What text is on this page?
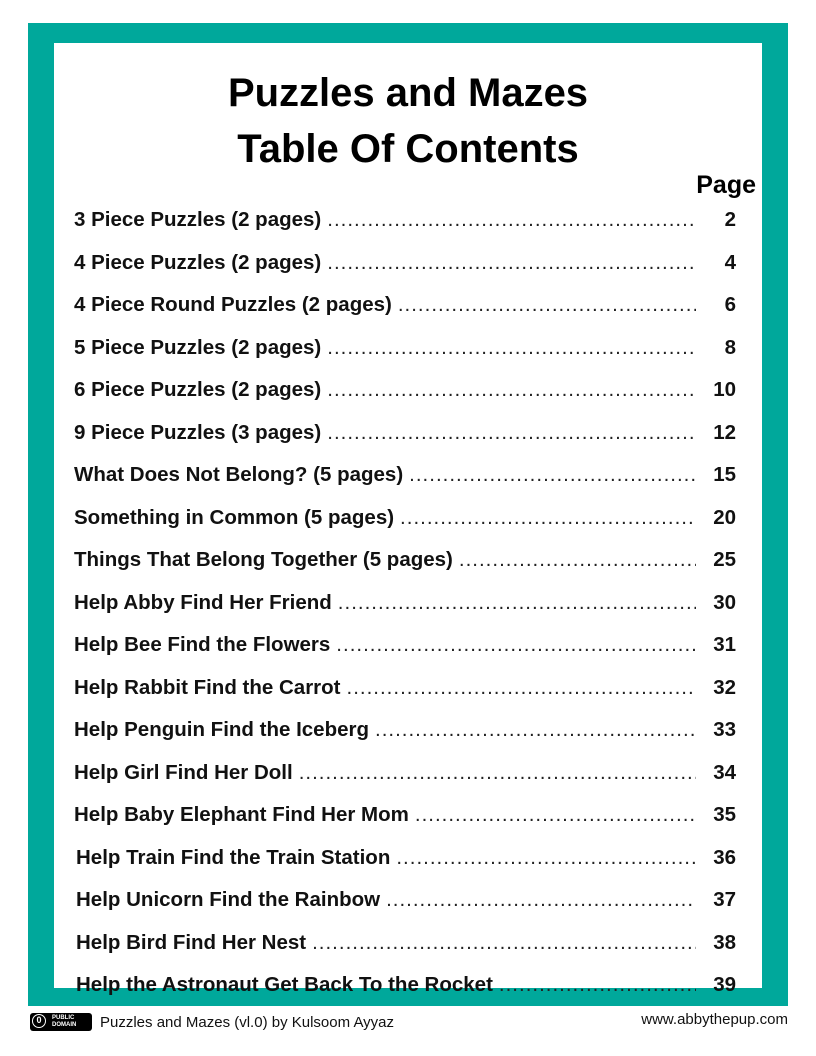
Puzzles and Mazes
Table Of Contents
Page
3 Piece Puzzles (2 pages) .....	2
4 Piece Puzzles (2 pages) .....	4
4 Piece Round Puzzles (2 pages) .....	6
5 Piece Puzzles (2 pages) .....	8
6 Piece Puzzles (2 pages) .....	10
9 Piece Puzzles (3 pages) .....	12
What Does Not Belong? (5 pages) .....	15
Something in Common (5 pages) .....	20
Things That Belong Together (5 pages) .....	25
Help Abby Find Her Friend .....	30
Help Bee Find the Flowers .....	31
Help Rabbit Find the Carrot .....	32
Help Penguin Find the Iceberg .....	33
Help Girl Find Her Doll .....	34
Help Baby Elephant Find Her Mom .....	35
Help Train Find the Train Station .....	36
Help Unicorn Find the Rainbow .....	37
Help Bird Find Her Nest .....	38
Help the Astronaut Get Back To the Rocket .....	39
0	PUBLIC DOMAIN	Puzzles and Mazes (vl.0) by Kulsoom Ayyaz	www.abbythepup.com
